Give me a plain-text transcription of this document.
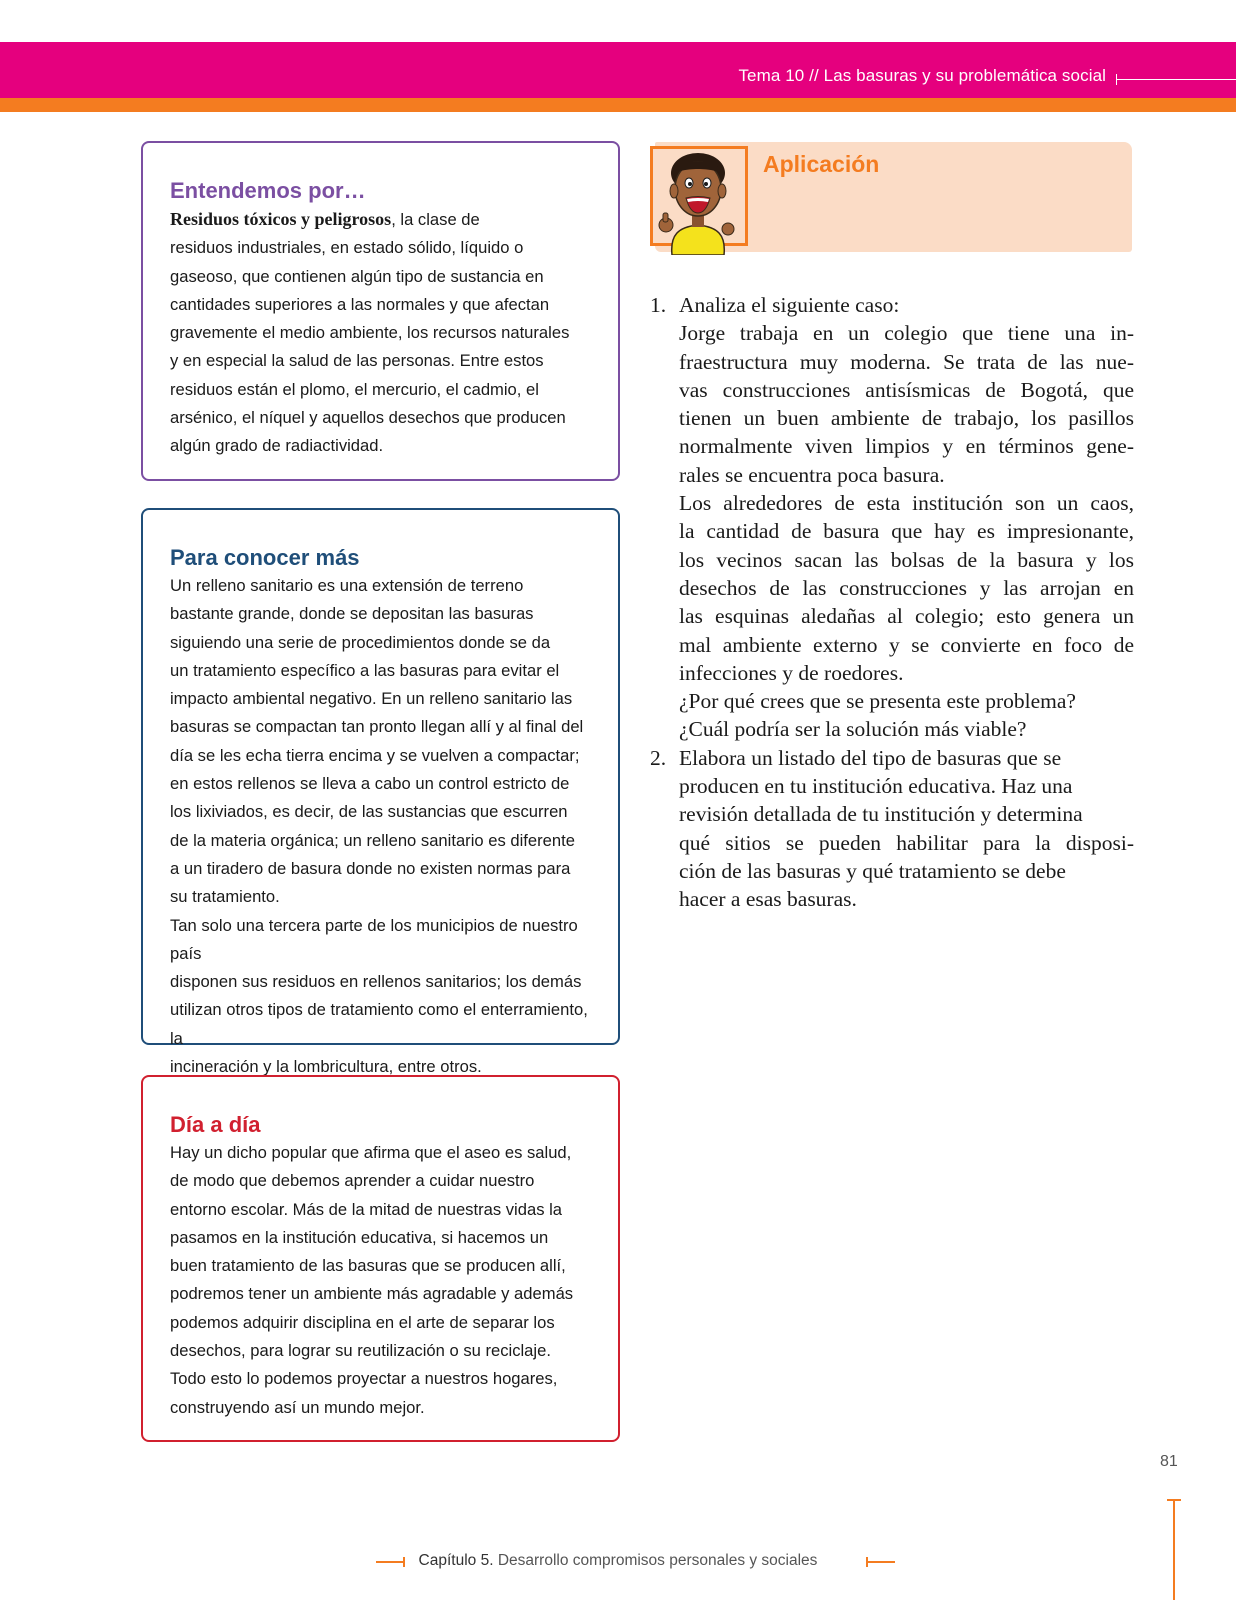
Tema 10 // Las basuras y su problemática social
Entendemos por…

Residuos tóxicos y peligrosos, la clase de
residuos industriales, en estado sólido, líquido o
gaseoso, que contienen algún tipo de sustancia en
cantidades superiores a las normales y que afectan
gravemente el medio ambiente, los recursos naturales
y en especial la salud de las personas. Entre estos
residuos están el plomo, el mercurio, el cadmio, el
arsénico, el níquel y aquellos desechos que producen
algún grado de radiactividad.

Para conocer más

Un relleno sanitario es una extensión de terreno
bastante grande, donde se depositan las basuras
siguiendo una serie de procedimientos donde se da
un tratamiento específico a las basuras para evitar el
impacto ambiental negativo. En un relleno sanitario las
basuras se compactan tan pronto llegan allí y al final del
día se les echa tierra encima y se vuelven a compactar;
en estos rellenos se lleva a cabo un control estricto de
los lixiviados, es decir, de las sustancias que escurren
de la materia orgánica; un relleno sanitario es diferente
a un tiradero de basura donde no existen normas para
su tratamiento.
Tan solo una tercera parte de los municipios de nuestro país
disponen sus residuos en rellenos sanitarios; los demás
utilizan otros tipos de tratamiento como el enterramiento, la
incineración y la lombricultura, entre otros.

Día a día

Hay un dicho popular que afirma que el aseo es salud,
de modo que debemos aprender a cuidar nuestro
entorno escolar. Más de la mitad de nuestras vidas la
pasamos en la institución educativa, si hacemos un
buen tratamiento de las basuras que se producen allí,
podremos tener un ambiente más agradable y además
podemos adquirir disciplina en el arte de separar los
desechos, para lograr su reutilización o su reciclaje.
Todo esto lo podemos proyectar a nuestros hogares,
construyendo así un mundo mejor.

Aplicación
1. Analiza el siguiente caso:
Jorge trabaja en un colegio que tiene una in-
fraestructura muy moderna. Se trata de las nue-
vas construcciones antisísmicas de Bogotá, que
tienen un buen ambiente de trabajo, los pasillos
normalmente viven limpios y en términos gene-
rales se encuentra poca basura.
Los alrededores de esta institución son un caos,
la cantidad de basura que hay es impresionante,
los vecinos sacan las bolsas de la basura y los
desechos de las construcciones y las arrojan en
las esquinas aledañas al colegio; esto genera un
mal ambiente externo y se convierte en foco de
infecciones y de roedores.
¿Por qué crees que se presenta este problema?
¿Cuál podría ser la solución más viable?
2. Elabora un listado del tipo de basuras que se
producen en tu institución educativa. Haz una
revisión detallada de tu institución y determina
qué sitios se pueden habilitar para la disposi-
ción de las basuras y qué tratamiento se debe
hacer a esas basuras.
81
Capítulo 5. Desarrollo compromisos personales y sociales
